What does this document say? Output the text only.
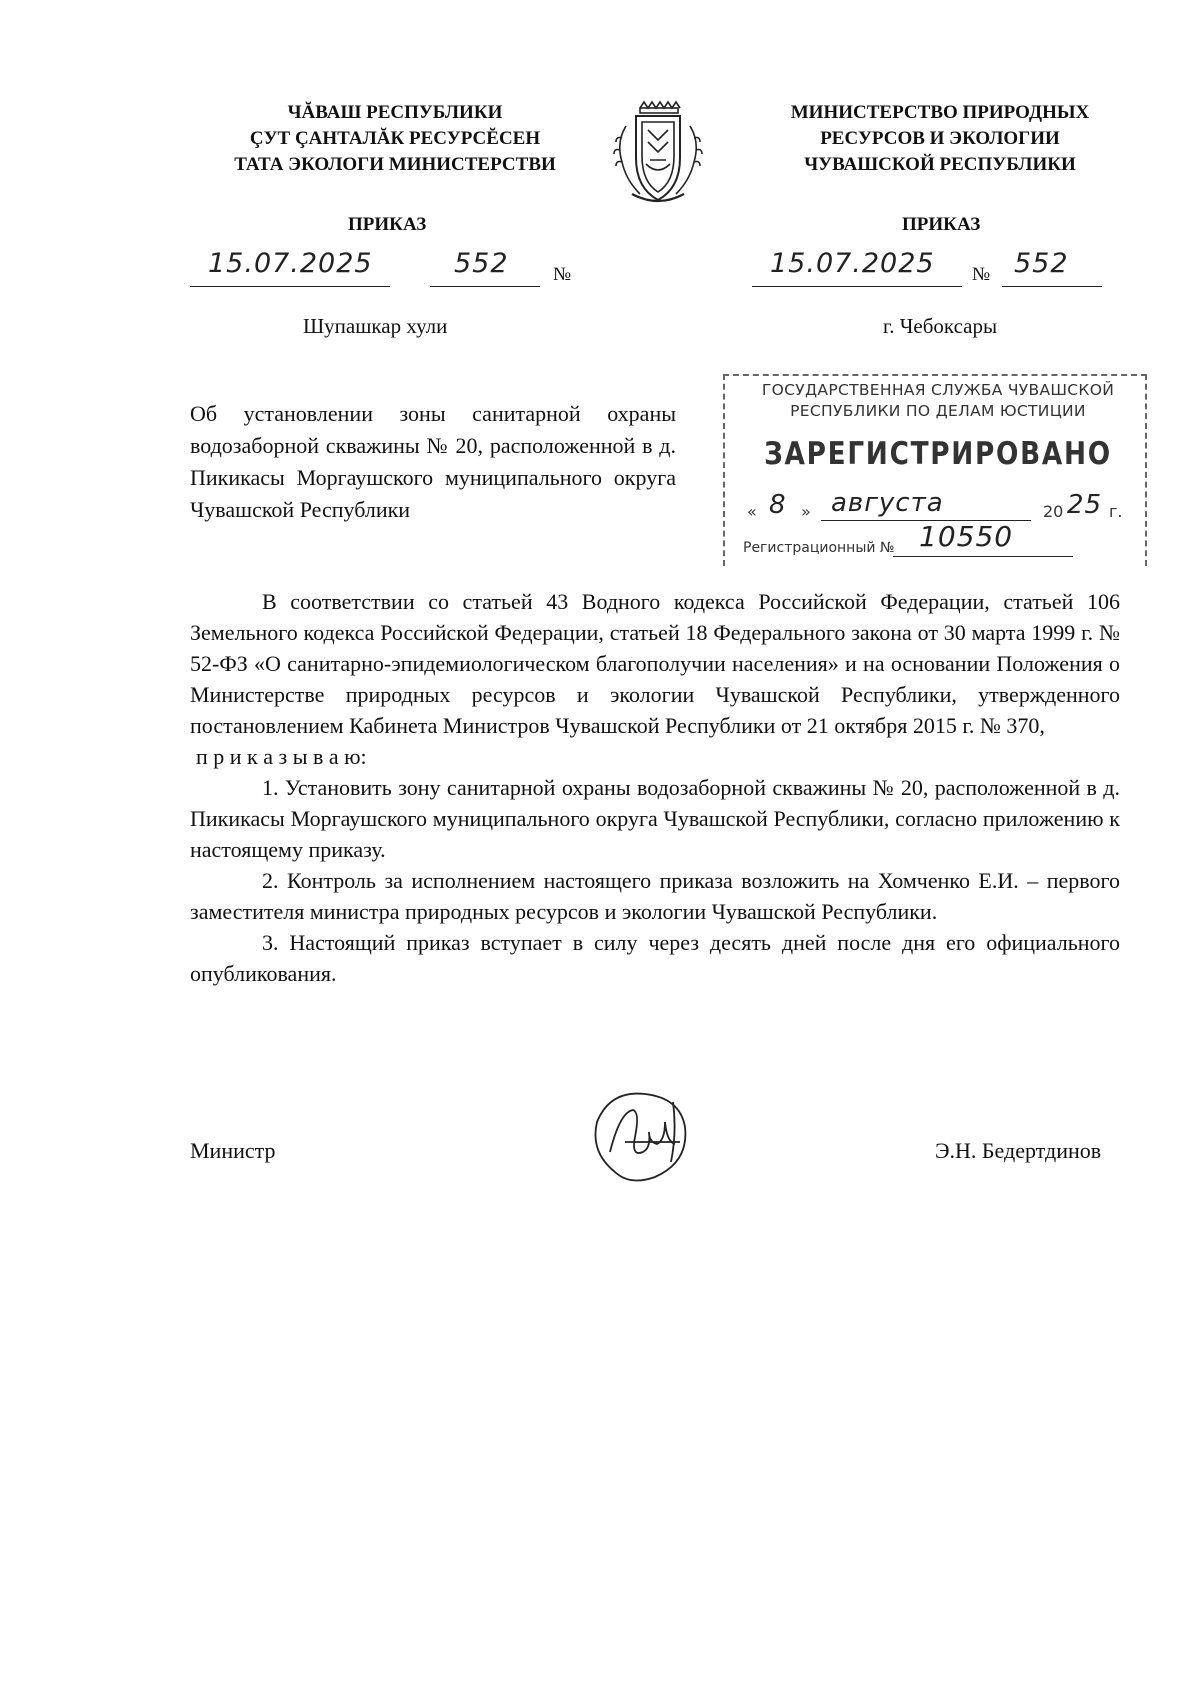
ЧĂВАШ РЕСПУБЛИКИ
ÇУТ ÇАНТАЛĂК РЕСУРСĔСЕН
ТАТА ЭКОЛОГИ МИНИСТЕРСТВИ
МИНИСТЕРСТВО ПРИРОДНЫХ
РЕСУРСОВ И ЭКОЛОГИИ
ЧУВАШСКОЙ РЕСПУБЛИКИ
ПРИКАЗ	ПРИКАЗ
15.07.2025	552 №	15.07.2025 № 552
Шупашкар хули	г. Чебоксары
Об установлении зоны санитарной охраны водозаборной скважины № 20, расположенной в д. Пикикасы Моргаушского муниципального округа Чувашской Республики
ГОСУДАРСТВЕННАЯ СЛУЖБА ЧУВАШСКОЙ
РЕСПУБЛИКИ ПО ДЕЛАМ ЮСТИЦИИ
ЗАРЕГИСТРИРОВАНО
« 8 » августа	20 25 г.
Регистрационный № 10550
В соответствии со статьей 43 Водного кодекса Российской Федерации, статьей 106 Земельного кодекса Российской Федерации, статьей 18 Федерального закона от 30 марта 1999 г. № 52-ФЗ «О санитарно-эпидемиологическом благополучии населения» и на основании Положения о Министерстве природных ресурсов и экологии Чувашской Республики, утвержденного постановлением Кабинета Министров Чувашской Республики от 21 октября 2015 г. № 370,
п р и к а з ы в а ю:
1. Установить зону санитарной охраны водозаборной скважины № 20, расположенной в д. Пикикасы Моргаушского муниципального округа Чувашской Республики, согласно приложению к настоящему приказу.
2. Контроль за исполнением настоящего приказа возложить на Хомченко Е.И. – первого заместителя министра природных ресурсов и экологии Чувашской Республики.
3. Настоящий приказ вступает в силу через десять дней после дня его официального опубликования.
Министр	Э.Н. Бедертдинов
